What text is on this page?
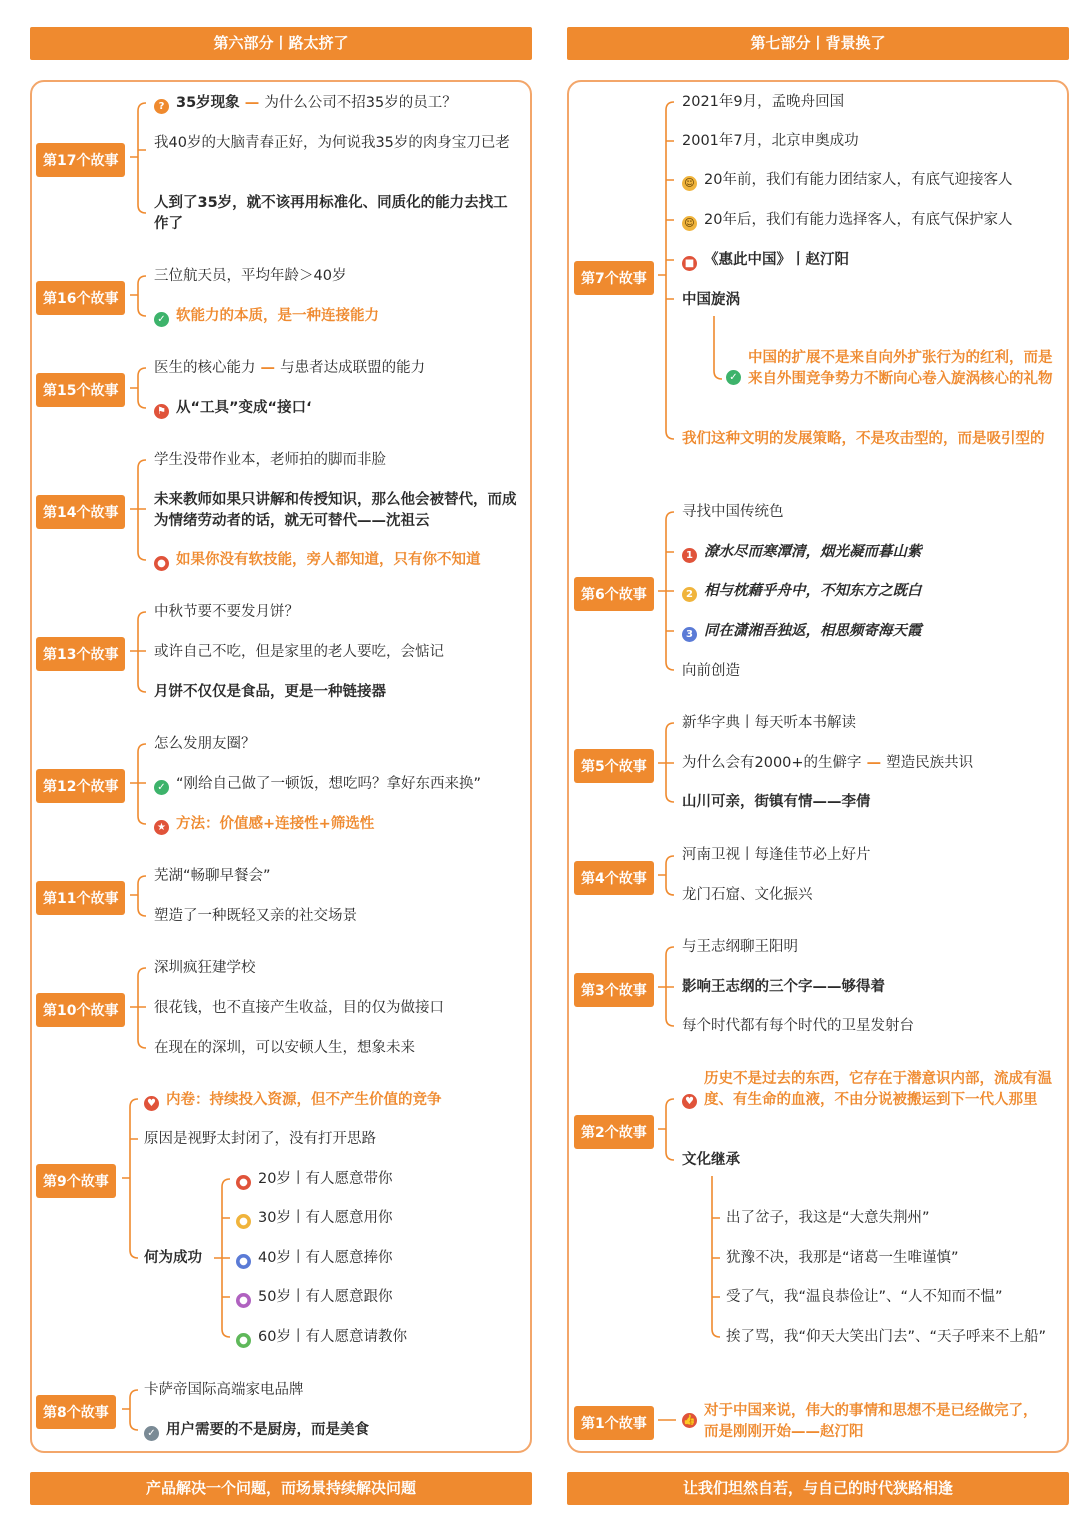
第六部分丨路太挤了
第17个故事
? 35岁现象 — 为什么公司不招35岁的员工？
我40岁的大脑青春正好，为何说我35岁的肉身宝刀已老
人到了35岁，就不该再用标准化、同质化的能力去找工作了
第16个故事
三位航天员，平均年龄＞40岁
✓ 软能力的本质，是一种连接能力
第15个故事
医生的核心能力 — 与患者达成联盟的能力
⚑ 从“工具”变成“接口‘
第14个故事
学生没带作业本，老师拍的脚而非脸
未来教师如果只讲解和传授知识，那么他会被替代，而成为情绪劳动者的话，就无可替代——沈祖云
● 如果你没有软技能，旁人都知道，只有你不知道
第13个故事
中秋节要不要发月饼？
或许自己不吃，但是家里的老人要吃，会惦记
月饼不仅仅是食品，更是一种链接器
第12个故事
怎么发朋友圈？
✓ “刚给自己做了一顿饭，想吃吗？拿好东西来换”
★ 方法：价值感+连接性+筛选性
第11个故事
芜湖“畅聊早餐会”
塑造了一种既轻又亲的社交场景
第10个故事
深圳疯狂建学校
很花钱，也不直接产生收益，目的仅为做接口
在现在的深圳，可以安顿人生，想象未来
第9个故事
♥ 内卷：持续投入资源，但不产生价值的竞争
原因是视野太封闭了，没有打开思路
何为成功
● 20岁丨有人愿意带你
● 30岁丨有人愿意用你
● 40岁丨有人愿意捧你
● 50岁丨有人愿意跟你
● 60岁丨有人愿意请教你
第8个故事
卡萨帝国际高端家电品牌
✓ 用户需要的不是厨房，而是美食
产品解决一个问题，而场景持续解决问题
第七部分丨背景换了
第7个故事
2021年9月，孟晚舟回国
2001年7月，北京申奥成功
☺ 20年前，我们有能力团结家人，有底气迎接客人
☺ 20年后，我们有能力选择客人，有底气保护家人
■ 《惠此中国》丨赵汀阳
中国旋涡
✓
中国的扩展不是来自向外扩张行为的红利，而是来自外围竞争势力不断向心卷入旋涡核心的礼物
我们这种文明的发展策略，不是攻击型的，而是吸引型的
第6个故事
寻找中国传统色
1 潦水尽而寒潭清，烟光凝而暮山紫
2 相与枕藉乎舟中，不知东方之既白
3 同在潇湘吾独返，相思频寄海天霞
向前创造
第5个故事
新华字典丨每天听本书解读
为什么会有2000+的生僻字 — 塑造民族共识
山川可亲，街镇有情——李倩
第4个故事
河南卫视丨每逢佳节必上好片
龙门石窟、文化振兴
第3个故事
与王志纲聊王阳明
影响王志纲的三个字——够得着
每个时代都有每个时代的卫星发射台
第2个故事
♥
历史不是过去的东西，它存在于潜意识内部，流成有温度、有生命的血液，不由分说被搬运到下一代人那里
文化继承
出了岔子，我这是“大意失荆州”
犹豫不决，我那是“诸葛一生唯谨慎”
受了气，我“温良恭俭让”、“人不知而不愠”
挨了骂，我“仰天大笑出门去”、“天子呼来不上船”
第1个故事	👍
对于中国来说，伟大的事情和思想不是已经做完了，而是刚刚开始——赵汀阳
让我们坦然自若，与自己的时代狭路相逢
